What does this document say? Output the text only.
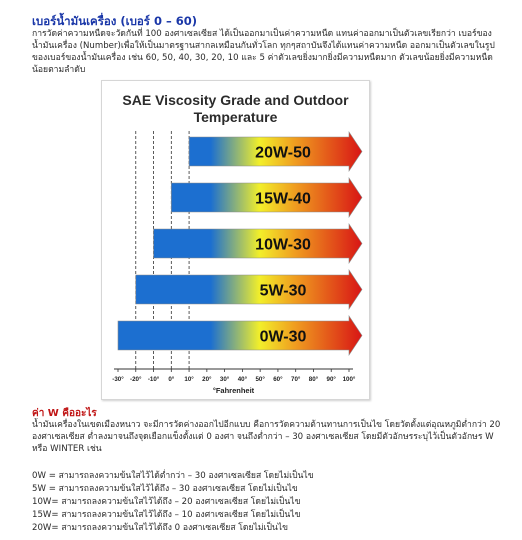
เบอร์น้ำมันเครื่อง (เบอร์ 0 – 60)

การวัดค่าความหนืดจะวัดกันที่ 100 องศาเซลเซียส ได้เป็นออกมาเป็นค่าความหนืด แทนค่าออกมาเป็นตัวเลขเรียกว่า เบอร์ของน้ำมันเครื่อง (Number)เพื่อให้เป็นมาตรฐานสากลเหมือนกันทั่วโลก ทุกๆสถาบันจึงได้แทนค่าความหนืด ออกมาเป็นตัวเลขในรูปของเบอร์ของน้ำมันเครื่อง เช่น 60, 50, 40, 30, 20, 10 และ 5 ค่าตัวเลขยิ่งมากยิ่งมีความหนืดมาก ตัวเลขน้อยยิ่งมีความหนืดน้อยตามลำดับ

SAE Viscosity Grade and Outdoor
Temperature
20W-50
15W-40
10W-30
5W-30
0W-30
-30° -20° -10° 0° 10° 20° 30° 40° 50° 60° 70° 80° 90° 100°
°Fahrenheit
ค่า W คืออะไร

น้ำมันเครื่องในเขตเมืองหนาว จะมีการวัดค่างออกไปอีกแบบ คือการวัดความต้านทานการเป็นไข โดยวัดตั้งแต่อุณหภูมิต่ำกว่า 20 องศาเซลเซียส ต่ำลงมาจนถึงจุดเยือกแข็งตั้งแต่ 0 องศา จนถึงต่ำกว่า – 30 องศาเซลเซียส โดยมีตัวอักษรระบุไว้เป็นตัวอักษร W หรือ WINTER เช่น

0W = สามารถลงความข้นใสไว้ได้ต่ำกว่า – 30 องศาเซลเซียส โดยไม่เป็นไข
5W = สามารถลงความข้นใสไว้ได้ถึง – 30 องศาเซลเซียส โดยไม่เป็นไข
10W= สามารถลงความข้นใสไว้ได้ถึง – 20 องศาเซลเซียส โดยไม่เป็นไข
15W= สามารถลงความข้นใสไว้ได้ถึง – 10 องศาเซลเซียส โดยไม่เป็นไข
20W= สามารถลงความข้นใสไว้ได้ถึง 0 องศาเซลเซียส โดยไม่เป็นไข
